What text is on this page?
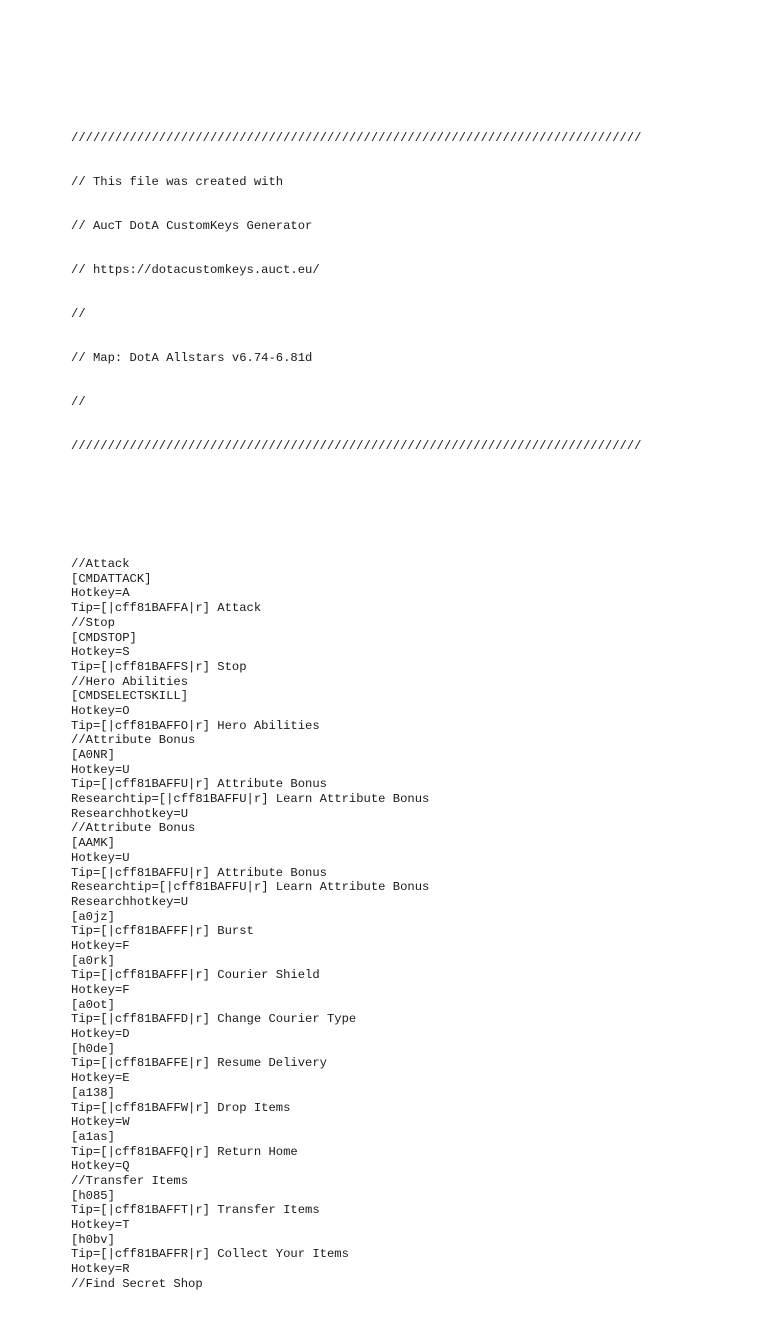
//////////////////////////////////////////////////////////////////////////////

// This file was created with

// AucT DotA CustomKeys Generator

// https://dotacustomkeys.auct.eu/

//

// Map: DotA Allstars v6.74-6.81d

//

//////////////////////////////////////////////////////////////////////////////

//Attack
[CMDATTACK]
Hotkey=A
Tip=[|cff81BAFFA|r] Attack
//Stop
[CMDSTOP]
Hotkey=S
Tip=[|cff81BAFFS|r] Stop
//Hero Abilities
[CMDSELECTSKILL]
Hotkey=O
Tip=[|cff81BAFFO|r] Hero Abilities
//Attribute Bonus
[A0NR]
Hotkey=U
Tip=[|cff81BAFFU|r] Attribute Bonus
Researchtip=[|cff81BAFFU|r] Learn Attribute Bonus
Researchhotkey=U
//Attribute Bonus
[AAMK]
Hotkey=U
Tip=[|cff81BAFFU|r] Attribute Bonus
Researchtip=[|cff81BAFFU|r] Learn Attribute Bonus
Researchhotkey=U
[a0jz]
Tip=[|cff81BAFFF|r] Burst
Hotkey=F
[a0rk]
Tip=[|cff81BAFFF|r] Courier Shield
Hotkey=F
[a0ot]
Tip=[|cff81BAFFD|r] Change Courier Type
Hotkey=D
[h0de]
Tip=[|cff81BAFFE|r] Resume Delivery
Hotkey=E
[a138]
Tip=[|cff81BAFFW|r] Drop Items
Hotkey=W
[a1as]
Tip=[|cff81BAFFQ|r] Return Home
Hotkey=Q
//Transfer Items
[h085]
Tip=[|cff81BAFFT|r] Transfer Items
Hotkey=T
[h0bv]
Tip=[|cff81BAFFR|r] Collect Your Items
Hotkey=R
//Find Secret Shop
